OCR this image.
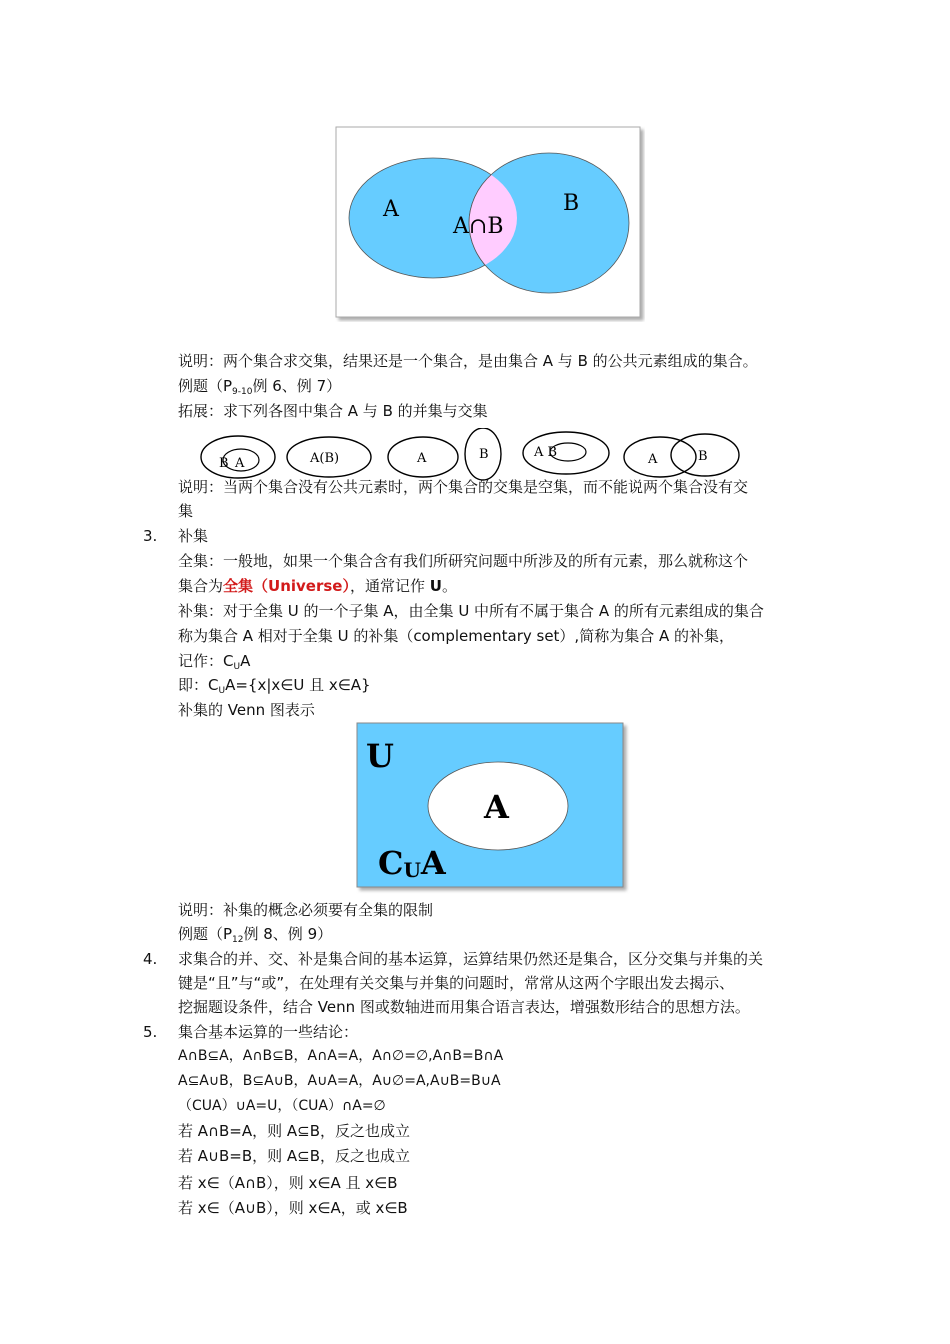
A	B
A∩B
说明：两个集合求交集，结果还是一个集合，是由集合 A 与 B 的公共元素组成的集合。
例题（$P_{9-10}$例 6、例 7）
拓展：求下列各图中集合 A 与 B 的并集与交集
B A	A(B)	A	B	A B	A	B
说明：当两个集合没有公共元素时，两个集合的交集是空集，而不能说两个集合没有交
集
3. 补集
全集：一般地，如果一个集合含有我们所研究问题中所涉及的所有元素，那么就称这个
集合为全集（Universe），通常记作 U。
补集：对于全集 U 的一个子集 A，由全集 U 中所有不属于集合 A 的所有元素组成的集合
称为集合 A 相对于全集 U 的补集（complementary set）,简称为集合 A 的补集，
记作：$C_UA$
即：$C_UA=\{x|x\in U$ 且 x∈A}
补集的 Venn 图表示
U
A
CUA
说明：补集的概念必须要有全集的限制
例题（$P_{12}$例 8、例 9）
4. 求集合的并、交、补是集合间的基本运算，运算结果仍然还是集合，区分交集与并集的关
键是“且”与“或”，在处理有关交集与并集的问题时，常常从这两个字眼出发去揭示、
挖掘题设条件，结合 Venn 图或数轴进而用集合语言表达，增强数形结合的思想方法。
5. 集合基本运算的一些结论：
A∩B⊆A，A∩B⊆B，A∩A=A，A∩∅=∅,A∩B=B∩A
A⊆A∪B，B⊆A∪B，A∪A=A，A∪∅=A,A∪B=B∪A
（CUA）∪A=U，（CUA）∩A=∅
若 A∩B=A，则 A⊆B，反之也成立
若 A∪B=B，则 A⊆B，反之也成立
若 x∈（A∩B），则 x∈A 且 x∈B
若 x∈（A∪B），则 x∈A，或 x∈B
